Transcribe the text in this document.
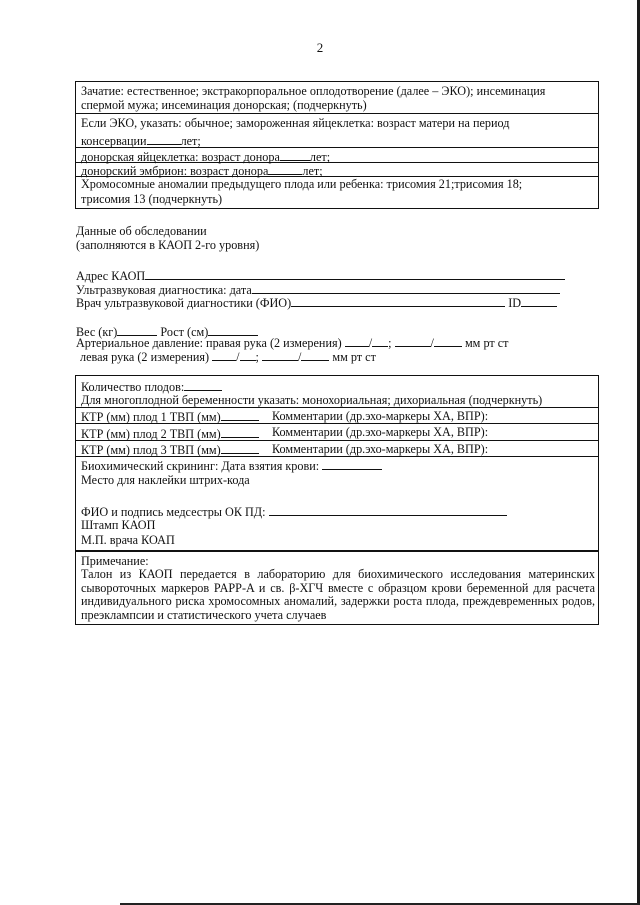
2
Зачатие: естественное; экстракорпоральное оплодотворение (далее – ЭКО); инсеминация
спермой мужа; инсеминация донорская; (подчеркнуть)
Если ЭКО, указать: обычное; замороженная яйцеклетка: возраст матери на период
консервации	лет;
донорская яйцеклетка: возраст донора лет;
донорский эмбрион: возраст донора	лет;
Хромосомные аномалии предыдущего плода или ребенка: трисомия 21;трисомия 18;
трисомия 13 (подчеркнуть)
Данные об обследовании
(заполняются в КАОП 2-го уровня)
Адрес КАОП
Ультразвуковая диагностика: дата
Врач ультразвуковой диагностики (ФИО)	ID
Вес (кг)	Рост (см)
Артериальное давление: правая рука (2 измерения) / ;	/	мм рт ст
левая рука (2 измерения) / ;	/	мм рт ст
Количество плодов:
Для многоплодной беременности указать: монохориальная; дихориальная (подчеркнуть)
КТР (мм) плод 1 ТВП (мм)	Комментарии (др.эхо-маркеры ХА, ВПР):
КТР (мм) плод 2 ТВП (мм)	Комментарии (др.эхо-маркеры ХА, ВПР):
КТР (мм) плод 3 ТВП (мм)	Комментарии (др.эхо-маркеры ХА, ВПР):
Биохимический скрининг: Дата взятия крови:
Место для наклейки штрих-кода
ФИО и подпись медсестры ОК ПД:
Штамп КАОП
М.П. врача КОАП
Примечание:
Талон из КАОП передается в лабораторию для биохимического исследования материнских сывороточных маркеров PAPP-A и св. β-ХГЧ вместе с образцом крови беременной для расчета индивидуального риска хромосомных аномалий, задержки роста плода, преждевременных родов, преэклампсии и статистического учета случаев
